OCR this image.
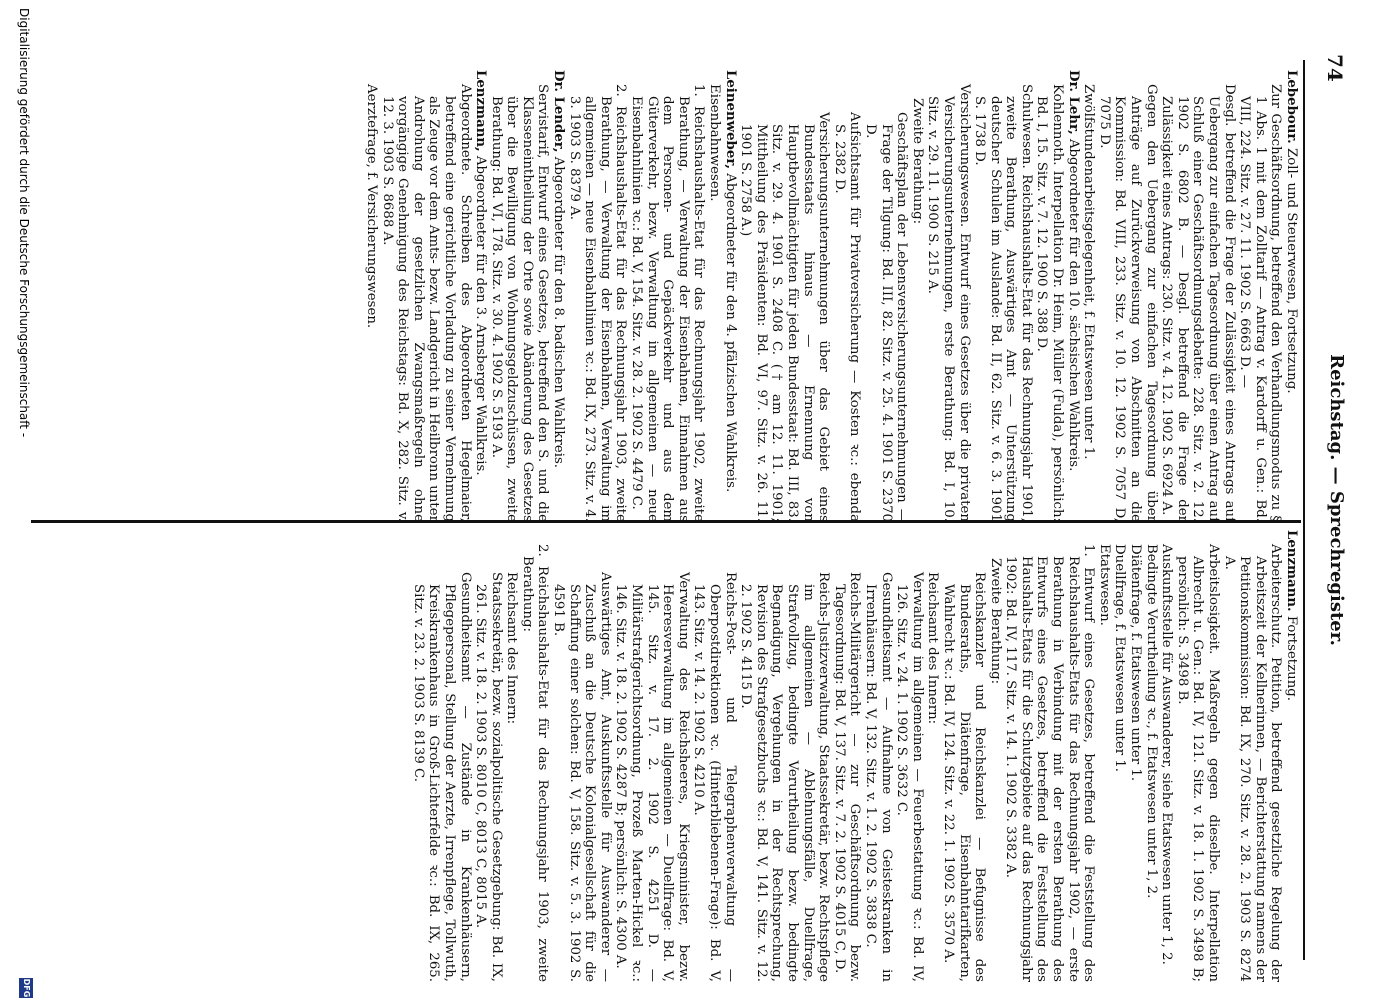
74
Reichstag. — Sprechregister.

Lebebour. Zoll- und Steuerwesen, Fortsetzung.

Zur Geschäftsordnung, betreffend den Verhandlungsmodus zu § 1 Abs. 1 mit dem Zolltarif — Antrag v. Kardorff u. Gen.: Bd. VIII, 224. Sitz. v. 27. 11. 1902 S. 6663 D. —

Desgl. betreffend die Frage der Zulässigkeit eines Antrags auf Uebergang zur einfachen Tagesordnung über einen Antrag auf Schluß einer Geschäftsordnungsdebatte: 228. Sitz. v. 2. 12. 1902 S. 6802 B. — Desgl. betreffend die Frage der Zulässigkeit eines Antrags: 230. Sitz. v. 4. 12. 1902 S. 6924 A.

Gegen den Uebergang zur einfachen Tagesordnung über Anträge auf Zurückverweisung von Abschnitten an die Kommission: Bd. VIII, 233. Sitz. v. 10. 12. 1902 S. 7057 D, 7075 D.

Zwölfstundenarbeitsgelegenheit, f. Etatswesen unter 1.

Dr. Lehr, Abgeordneter für den 10. sächsischen Wahlkreis.

Kohlennoth. Interpellation Dr. Heim, Müller (Fulda), persönlich: Bd. I, 15. Sitz. v. 7. 12. 1900 S. 388 D.

Schulwesen. Reichshaushalts-Etat für das Rechnungsjahr 1901, zweite Berathung, Auswärtiges Amt — Unterstützung deutscher Schulen im Auslande: Bd. II, 62. Sitz. v. 6. 3. 1901 S. 1738 D.

Versicherungswesen. Entwurf eines Gesetzes über die privaten Versicherungsunternehmungen, erste Berathung: Bd. I, 10. Sitz. v. 29. 11. 1900 S. 215 A.

Zweite Berathung:

Geschäftsplan der Lebensversicherungsunternehmungen — Frage der Tilgung: Bd. III, 82. Sitz. v. 25. 4. 1901 S. 2370 D.

Aufsichtsamt für Privatversicherung — Kosten ꝛc.: ebenda S. 2382 D.

Versicherungsunternehmungen über das Gebiet eines Bundesstaats hinaus — Ernennung von Hauptbevollmächtigten für jeden Bundesstaat: Bd. III, 83. Sitz. v. 29. 4. 1901 S. 2408 C. († am 12. 11. 1901; Mittheilung des Präsidenten: Bd. VI, 97. Sitz. v. 26. 11. 1901 S. 2758 A.)

Leinenweber, Abgeordneter für den 4. pfälzischen Wahlkreis.

Eisenbahnwesen.

1. Reichshaushalts-Etat für das Rechnungsjahr 1902, zweite Berathung, — Verwaltung der Eisenbahnen, Einnahmen aus dem Personen- und Gepäckverkehr und aus dem Güterverkehr, bezw. Verwaltung im allgemeinen — neue Eisenbahnlinien ꝛc.: Bd. V, 154. Sitz. v. 28. 2. 1902 S. 4479 C.

2. Reichshaushalts-Etat für das Rechnungsjahr 1903, zweite Berathung, — Verwaltung der Eisenbahnen, Verwaltung im allgemeinen — neue Eisenbahnlinien ꝛc.: Bd. IX, 273. Sitz. v. 4. 3. 1903 S. 8379 A.

Dr. Lender, Abgeordneter für den 8. badischen Wahlkreis.

Servistarif, Entwurf eines Gesetzes, betreffend den S. und die Klasseneintheilung der Orte sowie Abänderung des Gesetzes über die Bewilligung von Wohnungsgeldzuschüssen, zweite Berathung: Bd. VI, 178. Sitz. v. 30. 4. 1902 S. 5193 A.

Lenzmann, Abgeordneter für den 3. Arnsberger Wahlkreis.

Abgeordnete. Schreiben des Abgeordneten Hegelmaier, betreffend eine gerichtliche Vorladung zu seiner Vernehmung als Zeuge vor dem Amts- bezw. Landgericht in Heilbronn unter Androhung der gesetzlichen Zwangsmaßregeln ohne vorgängige Genehmigung des Reichstags: Bd. X, 282. Sitz. v. 12. 3. 1903 S. 8688 A.

Aerztefrage, f. Versicherungswesen.

Lenzmann. Fortsetzung.

Arbeiterschutz. Petition, betreffend gesetzliche Regelung der Arbeitszeit der Kellnerinnen, — Berichterstattung namens der Petitionskommission: Bd. IX, 270. Sitz. v. 28. 2. 1903 S. 8274 A.

Arbeitslosigkeit. Maßregeln gegen dieselbe. Interpellation Albrecht u. Gen.: Bd. IV, 121. Sitz. v. 18. 1. 1902 S. 3498 B; persönlich: S. 3498 B.

Auskunftsstelle für Auswanderer, siehe Etatswesen unter 1, 2.

Bedingte Verurtheilung ꝛc., f. Etatswesen unter 1, 2.

Diätenfrage, f. Etatswesen unter 1.

Duellfrage, f. Etatswesen unter 1.

Etatswesen.

1. Entwurf eines Gesetzes, betreffend die Feststellung des Reichshaushalts-Etats für das Rechnungsjahr 1902, — erste Berathung in Verbindung mit der ersten Berathung des Entwurfs eines Gesetzes, betreffend die Feststellung des Haushalts-Etats für die Schutzgebiete auf das Rechnungsjahr 1902: Bd. IV, 117. Sitz. v. 14. 1. 1902 S. 3382 A.

Zweite Berathung:

Reichskanzler und Reichskanzlei — Befugnisse des Bundesraths, Diätenfrage, Eisenbahntarifkarten, Wahlrecht ꝛc.: Bd. IV, 124. Sitz. v. 22. 1. 1902 S. 3570 A.

Reichsamt des Innern:

Verwaltung im allgemeinen — Feuerbestattung ꝛc.: Bd. IV, 126. Sitz. v. 24. 1. 1902 S. 3632 C.

Gesundheitsamt — Aufnahme von Geisteskranken in Irrenhäusern: Bd. V, 132. Sitz. v. 1. 2. 1902 S. 3838 C.

Reichs-Militärgericht — zur Geschäftsordnung bezw. Tagesordnung: Bd. V, 137. Sitz. v. 7. 2. 1902 S. 4015 C, D.

Reichs-Justizverwaltung, Staatssekretär, bezw. Rechtspflege im allgemeinen — Ablehnungsfälle, Duellfrage, Strafvollzug, bedingte Verurtheilung bezw. bedingte Begnadigung, Vergehungen in der Rechtsprechung, Revision des Strafgesetzbuchs ꝛc.: Bd. V, 141. Sitz. v. 12. 2. 1902 S. 4115 D.

Reichs-Post- und Telegraphenverwaltung — Oberpostdirektionen ꝛc. (Hinterbliebenen-Frage): Bd. V, 143. Sitz. v. 14. 2. 1902 S. 4210 A.

Verwaltung des Reichsheeres, Kriegsminister, bezw. Heeresverwaltung im allgemeinen — Duellfrage: Bd. V, 145. Sitz. v. 17. 2. 1902 S. 4251 D. — Militärstrafgerichtsordnung, Prozeß Marten-Hickel ꝛc.: 146. Sitz. v. 18. 2. 1902 S. 4287 B; persönlich: S. 4300 A.

Auswärtiges Amt, Auskunftsstelle für Auswanderer — Zuschuß an die Deutsche Kolonialgesellschaft für die Schaffung einer solchen: Bd. V, 158. Sitz. v. 5. 3. 1902 S. 4591 B.

2. Reichshaushalts-Etat für das Rechnungsjahr 1903, zweite Berathung:

Reichsamt des Innern:

Staatssekretär, bezw. sozialpolitische Gesetzgebung: Bd. IX, 261. Sitz. v. 18. 2. 1903 S. 8010 C, 8013 C, 8015 A.

Gesundheitsamt — Zustände in Krankenhäusern, Pflegepersonal, Stellung der Aerzte, Irrenpflege, Tollwuth, Kreiskrankenhaus in Groß-Lichterfelde ꝛc.: Bd. IX, 265. Sitz. v. 23. 2. 1903 S. 8139 C.

Digitalisierung gefördert durch die Deutsche Forschungsgemeinschaft -
DFG
